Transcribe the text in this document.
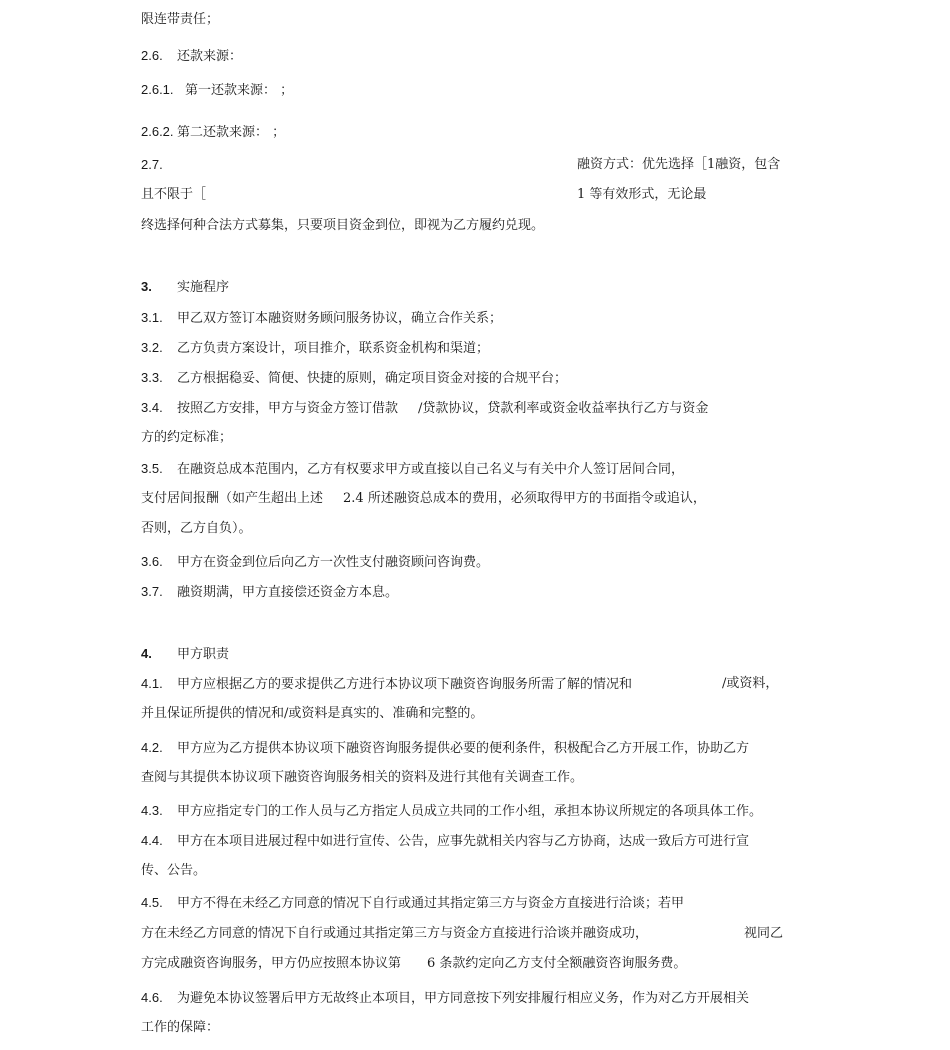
限连带责任；
2.6. 还款来源：
2.6.1. 第一还款来源： ；
2.6.2. 第二还款来源： ；
2.7.	融资方式：优先选择［1融资，包含
且不限于［	1 等有效形式，无论最
终选择何种合法方式募集，只要项目资金到位，即视为乙方履约兑现。
3. 实施程序
3.1. 甲乙双方签订本融资财务顾问服务协议，确立合作关系；
3.2. 乙方负责方案设计，项目推介，联系资金机构和渠道；
3.3. 乙方根据稳妥、简便、快捷的原则，确定项目资金对接的合规平台；
3.4. 按照乙方安排，甲方与资金方签订借款 /贷款协议，贷款利率或资金收益率执行乙方与资金
方的约定标准；
3.5. 在融资总成本范围内，乙方有权要求甲方或直接以自己名义与有关中介人签订居间合同，
支付居间报酬（如产生超出上述 2.4 所述融资总成本的费用，必须取得甲方的书面指令或追认，
否则，乙方自负）。
3.6. 甲方在资金到位后向乙方一次性支付融资顾问咨询费。
3.7. 融资期满，甲方直接偿还资金方本息。
4. 甲方职责
4.1. 甲方应根据乙方的要求提供乙方进行本协议项下融资咨询服务所需了解的情况和	/或资料，
并且保证所提供的情况和/或资料是真实的、准确和完整的。
4.2. 甲方应为乙方提供本协议项下融资咨询服务提供必要的便利条件，积极配合乙方开展工作，协助乙方
查阅与其提供本协议项下融资咨询服务相关的资料及进行其他有关调查工作。
4.3. 甲方应指定专门的工作人员与乙方指定人员成立共同的工作小组，承担本协议所规定的各项具体工作。
4.4. 甲方在本项目进展过程中如进行宣传、公告，应事先就相关内容与乙方协商，达成一致后方可进行宣
传、公告。
4.5. 甲方不得在未经乙方同意的情况下自行或通过其指定第三方与资金方直接进行洽谈；若甲
方在未经乙方同意的情况下自行或通过其指定第三方与资金方直接进行洽谈并融资成功，	视同乙
方完成融资咨询服务，甲方仍应按照本协议第 6 条款约定向乙方支付全额融资咨询服务费。
4.6. 为避免本协议签署后甲方无故终止本项目，甲方同意按下列安排履行相应义务，作为对乙方开展相关
工作的保障：
